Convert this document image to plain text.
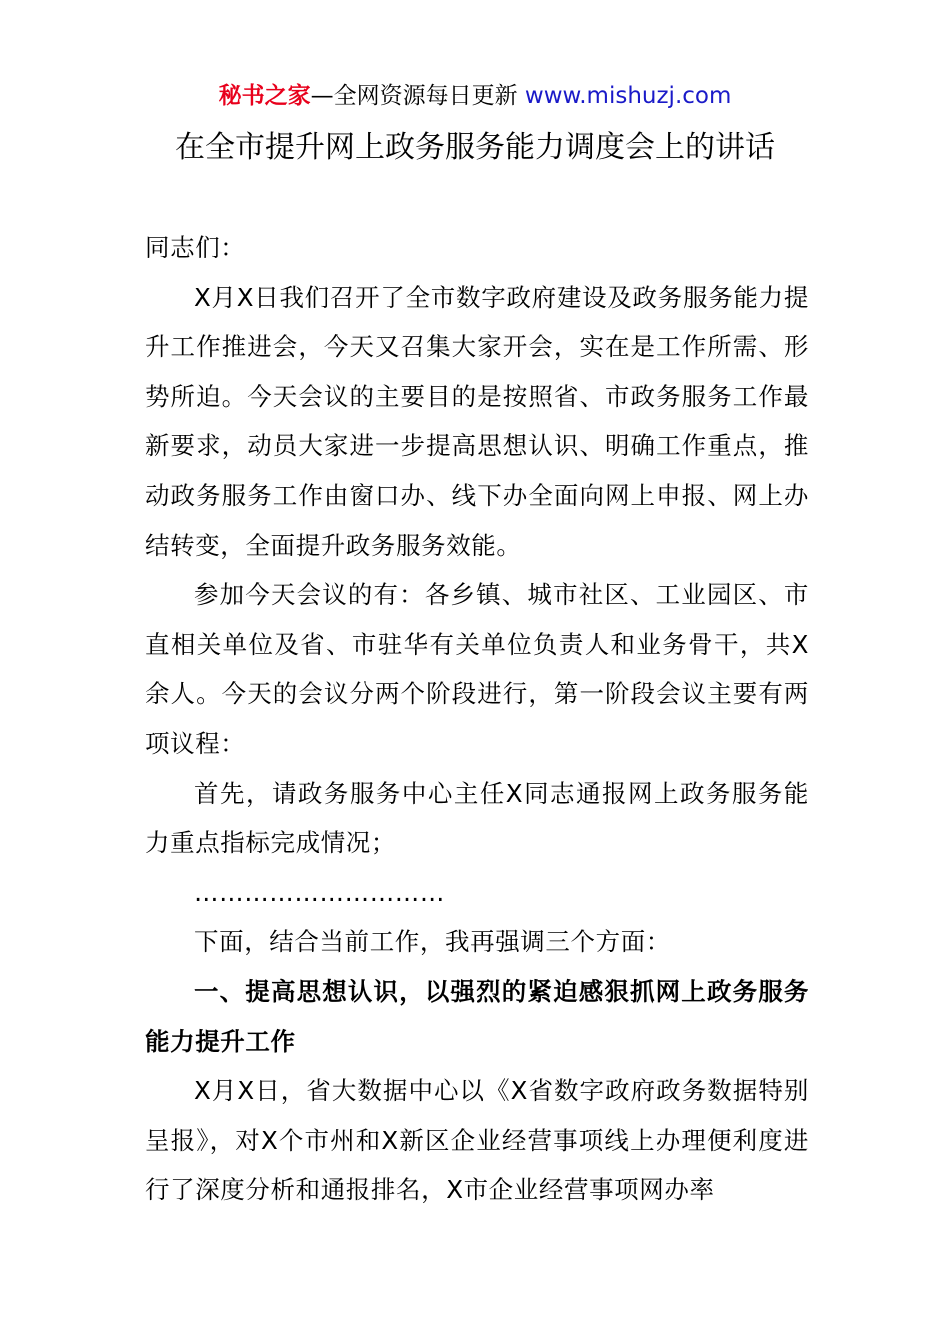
秘书之家—全网资源每日更新 www.mishuzj.com
在全市提升网上政务服务能力调度会上的讲话

同志们：

X月X日我们召开了全市数字政府建设及政务服务能力提升工作推进会，今天又召集大家开会，实在是工作所需、形势所迫。今天会议的主要目的是按照省、市政务服务工作最新要求，动员大家进一步提高思想认识、明确工作重点，推动政务服务工作由窗口办、线下办全面向网上申报、网上办结转变，全面提升政务服务效能。

参加今天会议的有：各乡镇、城市社区、工业园区、市直相关单位及省、市驻华有关单位负责人和业务骨干，共X余人。今天的会议分两个阶段进行，第一阶段会议主要有两项议程：

首先，请政务服务中心主任X同志通报网上政务服务能力重点指标完成情况；

…………………………

下面，结合当前工作，我再强调三个方面：

一、提高思想认识，以强烈的紧迫感狠抓网上政务服务能力提升工作

X月X日，省大数据中心以《X省数字政府政务数据特别呈报》，对X个市州和X新区企业经营事项线上办理便利度进行了深度分析和通报排名，X市企业经营事项网办率
